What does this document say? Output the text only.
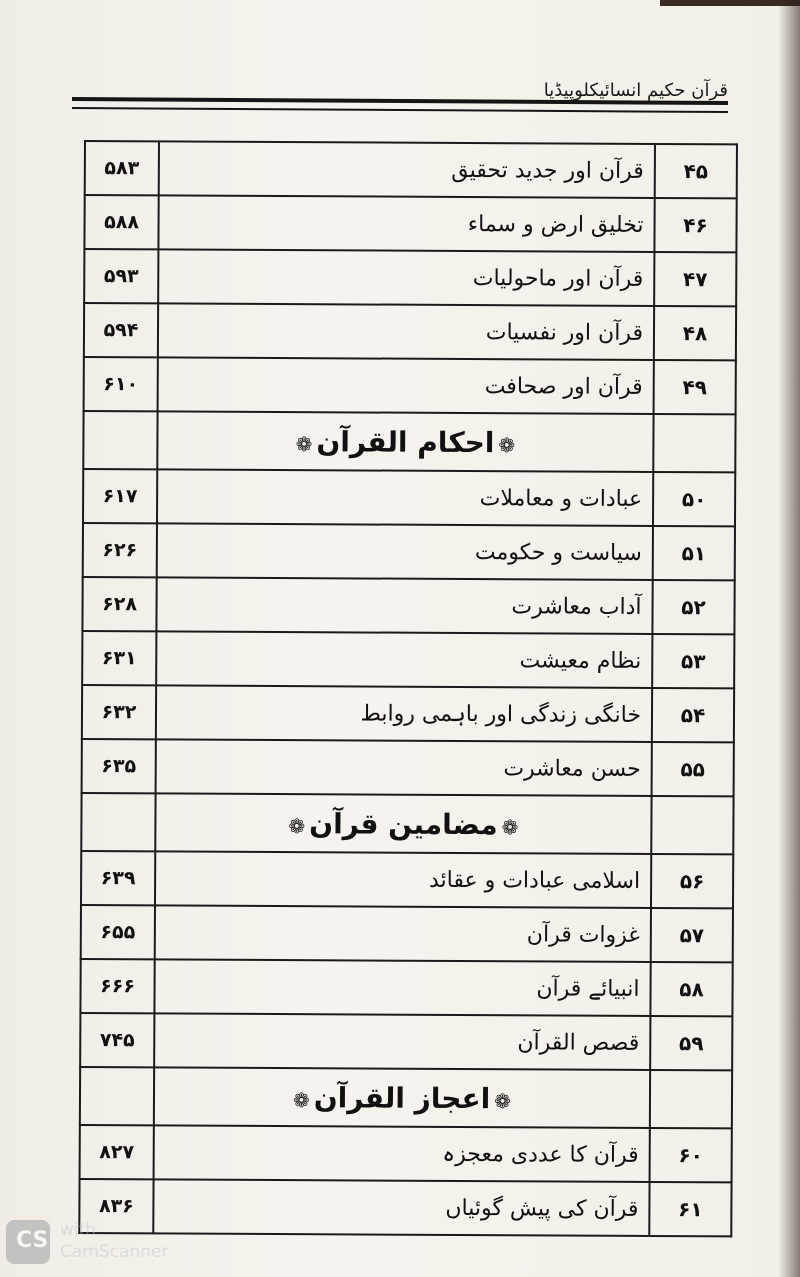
قرآن حکیم انسائیکلوپیڈیا
۴۵	قرآن اور جدید تحقیق	۵۸۳
۴۶	تخلیق ارض و سماء	۵۸۸
۴۷	قرآن اور ماحولیات	۵۹۳
۴۸	قرآن اور نفسیات	۵۹۴
۴۹	قرآن اور صحافت	۶۱۰
	❁احکام القرآن❁	
۵۰	عبادات و معاملات	۶۱۷
۵۱	سیاست و حکومت	۶۲۶
۵۲	آداب معاشرت	۶۲۸
۵۳	نظام معیشت	۶۳۱
۵۴	خانگی زندگی اور باہمی روابط	۶۳۲
۵۵	حسن معاشرت	۶۳۵
	❁مضامین قرآن❁	
۵۶	اسلامی عبادات و عقائد	۶۳۹
۵۷	غزوات قرآن	۶۵۵
۵۸	انبیائے قرآن	۶۶۶
۵۹	قصص القرآن	۷۴۵
	❁اعجاز القرآن❁	
۶۰	قرآن کا عددی معجزہ	۸۲۷
۶۱	قرآن کی پیش گوئیاں	۸۳۶
CS with
CamScanner
